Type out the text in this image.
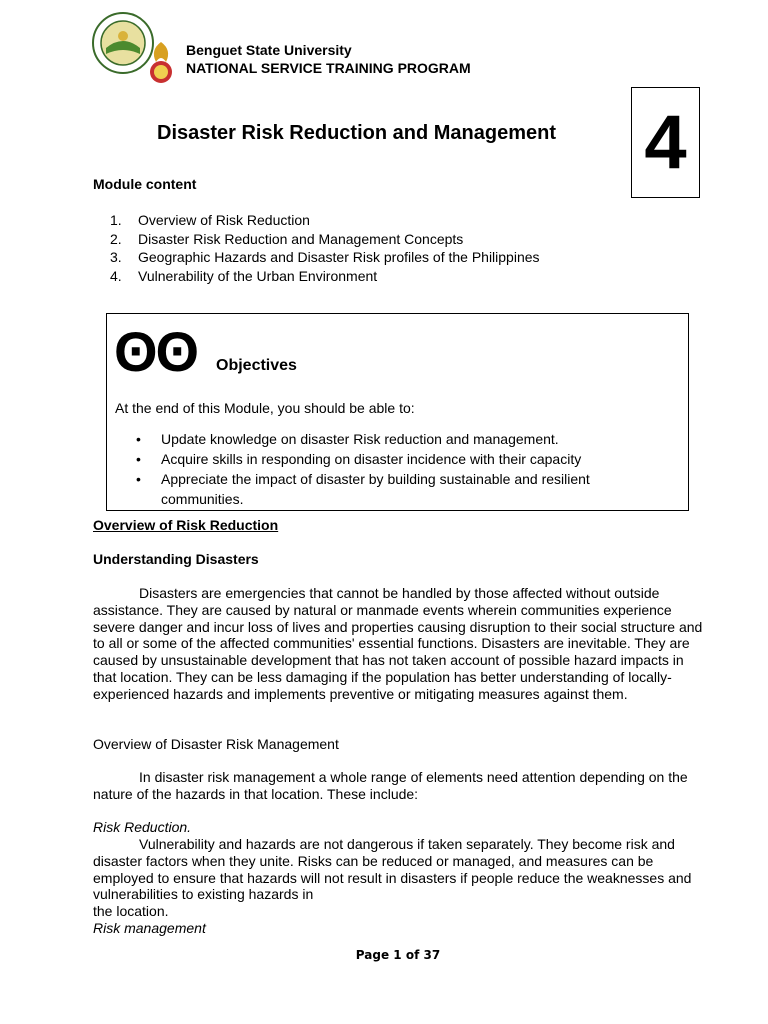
Benguet State University
NATIONAL SERVICE TRAINING PROGRAM
Disaster Risk Reduction and Management 4
Module content
1. Overview of Risk Reduction
2. Disaster Risk Reduction and Management Concepts
3. Geographic Hazards and Disaster Risk profiles of the Philippines
4. Vulnerability of the Urban Environment
ʘʘ Objectives
At the end of this Module, you should be able to:
• Update knowledge on disaster Risk reduction and management.
• Acquire skills in responding on disaster incidence with their capacity
• Appreciate the impact of disaster by building sustainable and resilient communities.
Overview of Risk Reduction
Understanding Disasters
Disasters are emergencies that cannot be handled by those affected without outside assistance. They are caused by natural or manmade events wherein communities experience severe danger and incur loss of lives and properties causing disruption to their social structure and to all or some of the affected communities' essential functions. Disasters are inevitable. They are caused by unsustainable development that has not taken account of possible hazard impacts in that location. They can be less damaging if the population has better understanding of locally-experienced hazards and implements preventive or mitigating measures against them.
Overview of Disaster Risk Management
In disaster risk management a whole range of elements need attention depending on the nature of the hazards in that location. These include:
Risk Reduction.
Vulnerability and hazards are not dangerous if taken separately. They become risk and disaster factors when they unite. Risks can be reduced or managed, and measures can be employed to ensure that hazards will not result in disasters if people reduce the weaknesses and vulnerabilities to existing hazards in
the location.
Risk management
Page 1 of 37
